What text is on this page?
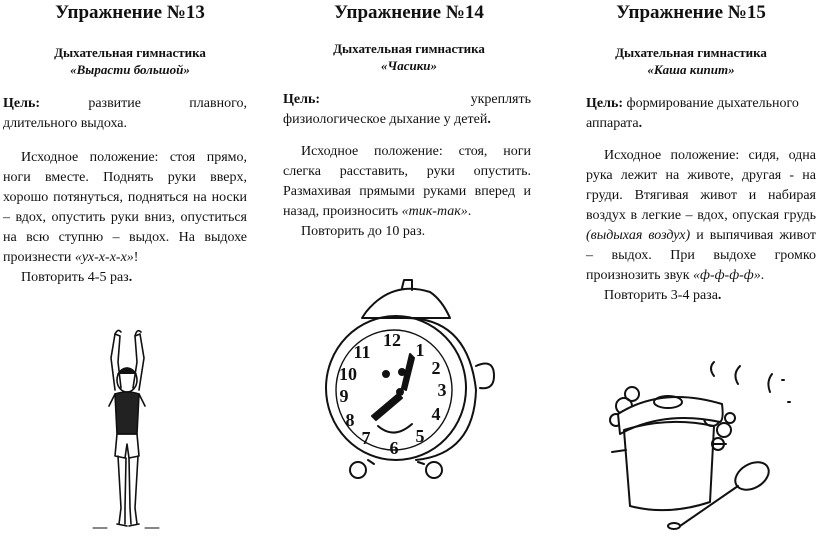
Упражнение №13
Дыхательная гимнастика
«Вырасти большой»
Цель:	развитие	плавного,
длительного выдоха.

Исходное положение: стоя прямо, ноги вместе. Поднять руки вверх, хорошо потянуться, подняться на носки – вдох, опустить руки вниз, опуститься на всю ступню – выдох. На выдохе произнести «ух-х-х-х»!

Повторить 4-5 раз.

Упражнение №14
Дыхательная гимнастика
«Часики»
Цель:	укреплять
физиологическое дыхание у детей.

Исходное положение: стоя, ноги слегка расставить, руки опустить. Размахивая прямыми руками вперед и назад, произносить «тик-так».

Повторить до 10 раз.

12 1
2
3
4
5
6
7
8
9
10
11
Упражнение №15
Дыхательная гимнастика
«Каша кипит»
Цель: формирование дыхательного аппарата.

Исходное положение: сидя, одна рука лежит на животе, другая - на груди. Втягивая живот и набирая воздух в легкие – вдох, опуская грудь (выдыхая воздух) и выпячивая живот – выдох. При выдохе громко произнозить звук «ф-ф-ф-ф».

Повторить 3-4 раза.
